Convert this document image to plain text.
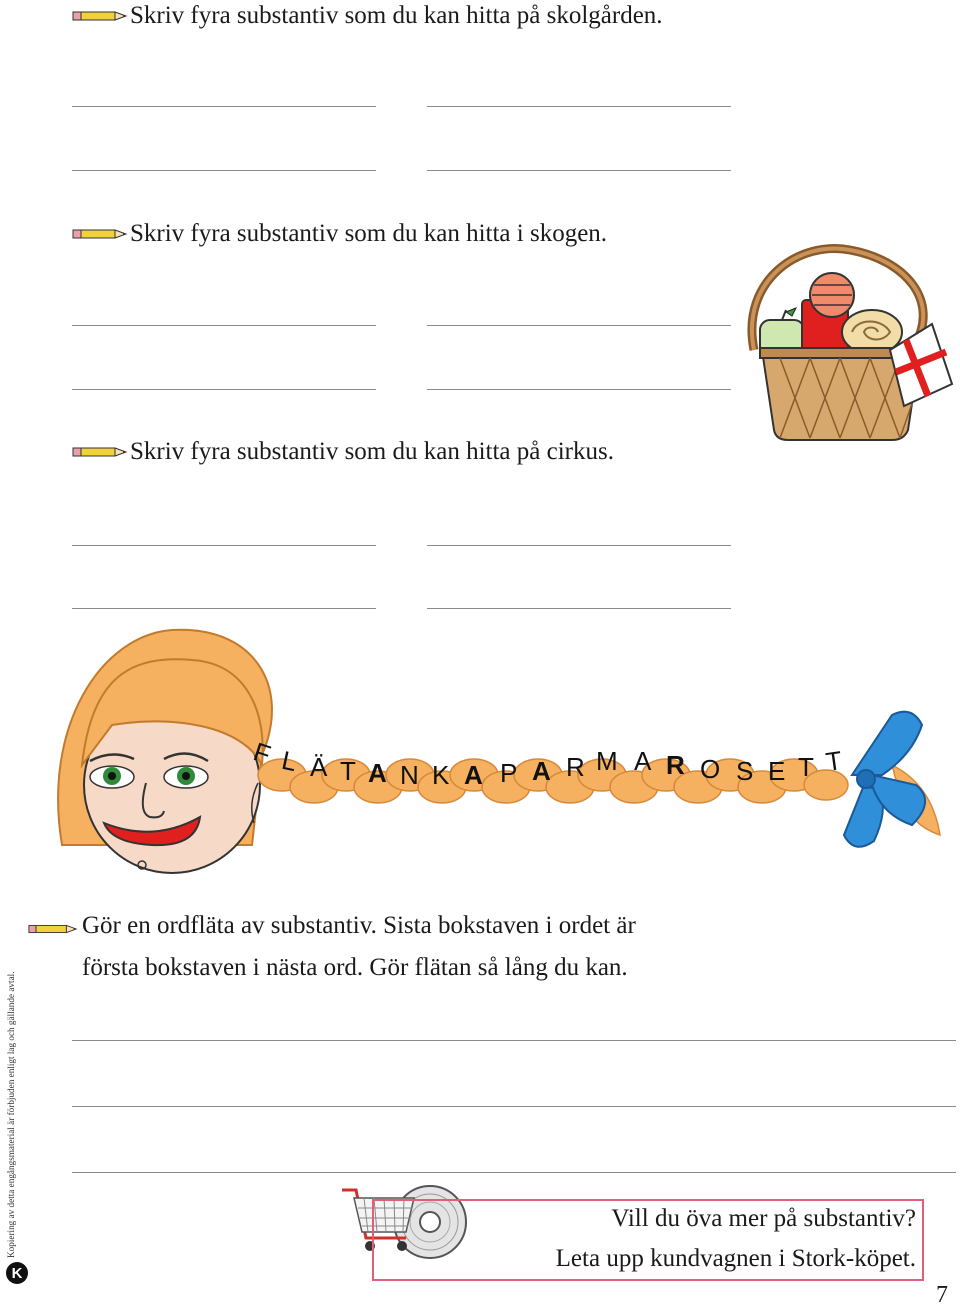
Skriv fyra substantiv som du kan hitta på skolgården.
Skriv fyra substantiv som du kan hitta i skogen.
Skriv fyra substantiv som du kan hitta på cirkus.
F L Ä T A N K A P A R M A R O S E T T
Gör en ordfläta av substantiv. Sista bokstaven i ordet är
första bokstaven i nästa ord. Gör flätan så lång du kan.
Kopiering av detta engångsmaterial är förbjuden enligt lag och gällande avtal.
K
Vill du öva mer på substantiv?
Leta upp kundvagnen i Stork-köpet.
7
